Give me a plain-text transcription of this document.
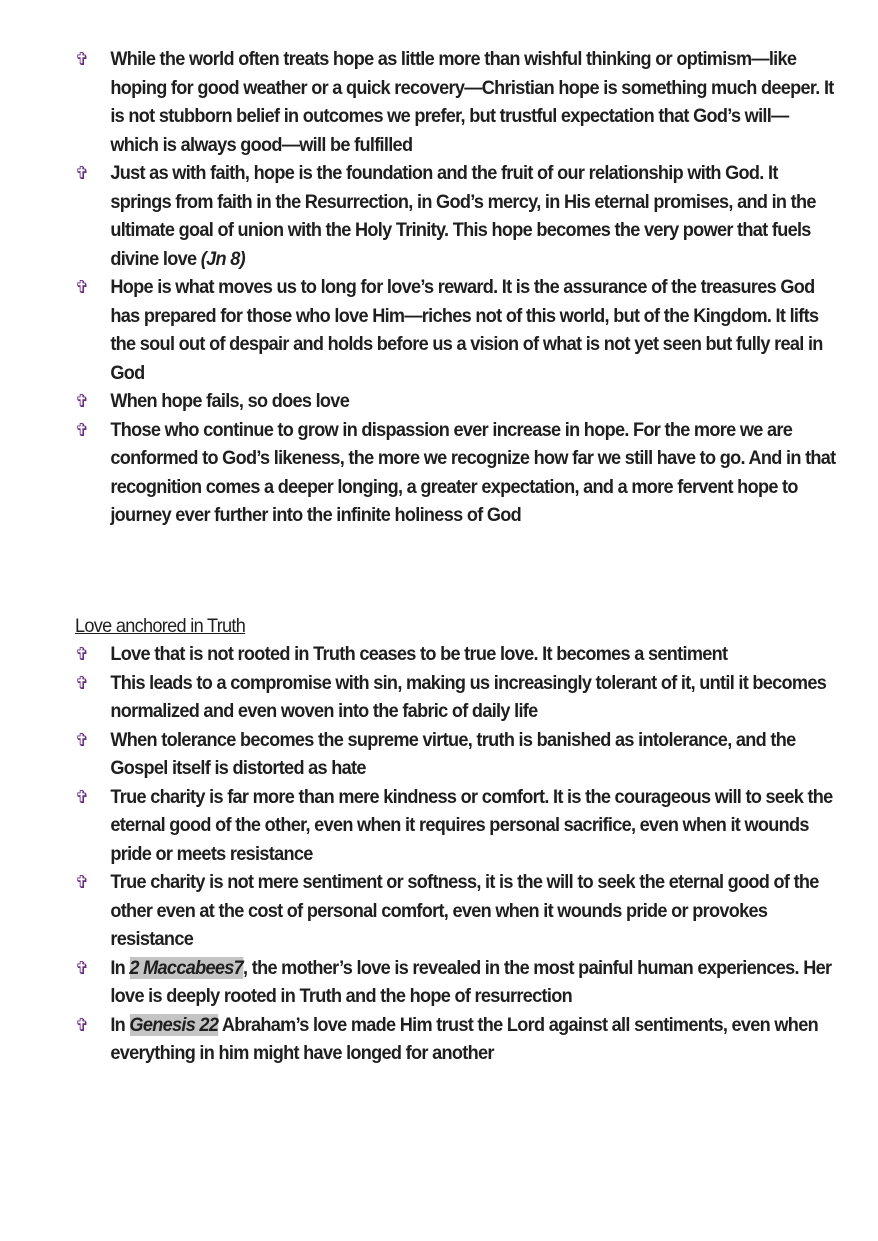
✞ While the world often treats hope as little more than wishful thinking or optimism—like hoping for good weather or a quick recovery—Christian hope is something much deeper. It is not stubborn belief in outcomes we prefer, but trustful expectation that God’s will—which is always good—will be fulfilled
✞ Just as with faith, hope is the foundation and the fruit of our relationship with God. It springs from faith in the Resurrection, in God’s mercy, in His eternal promises, and in the ultimate goal of union with the Holy Trinity. This hope becomes the very power that fuels divine love (Jn 8)
✞ Hope is what moves us to long for love’s reward. It is the assurance of the treasures God has prepared for those who love Him—riches not of this world, but of the Kingdom. It lifts the soul out of despair and holds before us a vision of what is not yet seen but fully real in God
✞ When hope fails, so does love
✞ Those who continue to grow in dispassion ever increase in hope. For the more we are conformed to God’s likeness, the more we recognize how far we still have to go. And in that recognition comes a deeper longing, a greater expectation, and a more fervent hope to journey ever further into the infinite holiness of God
Love anchored in Truth
✞ Love that is not rooted in Truth ceases to be true love. It becomes a sentiment
✞ This leads to a compromise with sin, making us increasingly tolerant of it, until it becomes normalized and even woven into the fabric of daily life
✞ When tolerance becomes the supreme virtue, truth is banished as intolerance, and the Gospel itself is distorted as hate
✞ True charity is far more than mere kindness or comfort. It is the courageous will to seek the eternal good of the other, even when it requires personal sacrifice, even when it wounds pride or meets resistance
✞ True charity is not mere sentiment or softness, it is the will to seek the eternal good of the other even at the cost of personal comfort, even when it wounds pride or provokes resistance
✞ In 2 Maccabees7, the mother’s love is revealed in the most painful human experiences. Her love is deeply rooted in Truth and the hope of resurrection
✞ In Genesis 22 Abraham’s love made Him trust the Lord against all sentiments, even when everything in him might have longed for another
